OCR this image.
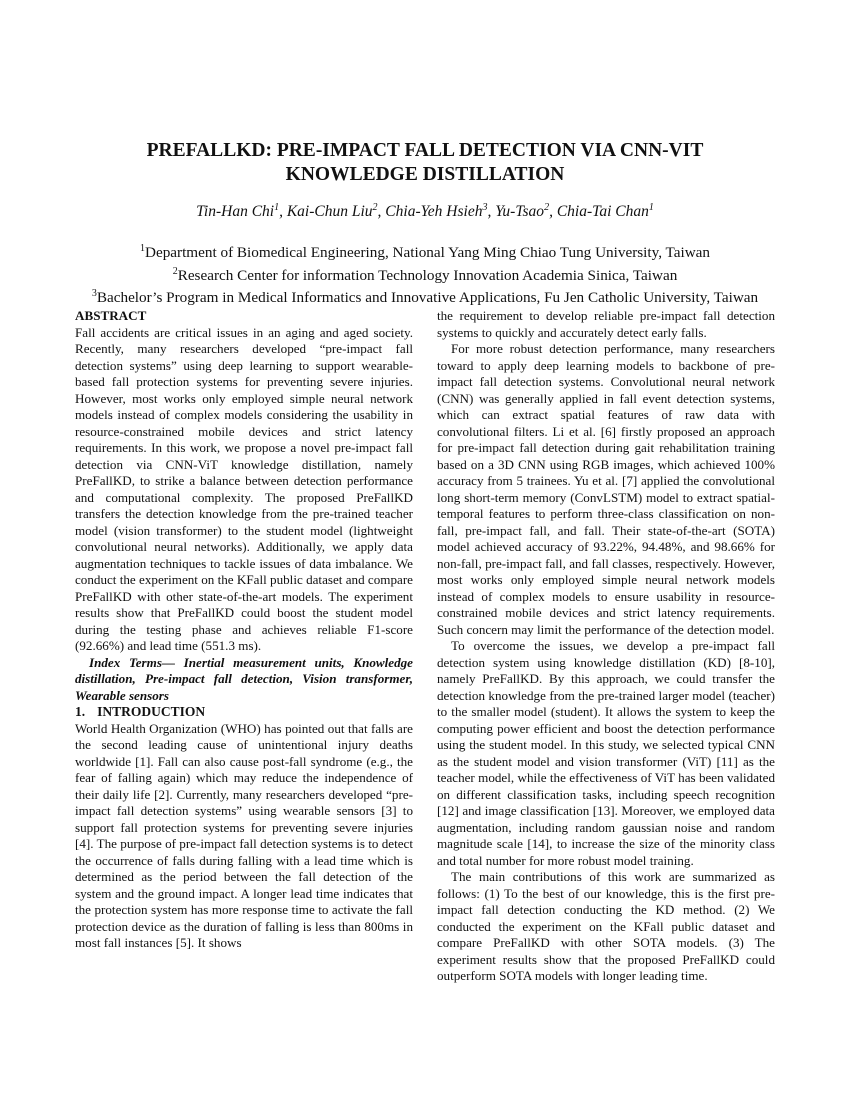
PREFALLKD: PRE-IMPACT FALL DETECTION VIA CNN-VIT
KNOWLEDGE DISTILLATION
Tin-Han Chi$^1$, Kai-Chun Liu$^2$, Chia-Yeh Hsieh$^3$, Yu-Tsao$^2$, Chia-Tai Chan$^1$
$^1$Department of Biomedical Engineering, National Yang Ming Chiao Tung University, Taiwan
$^2$Research Center for information Technology Innovation Academia Sinica, Taiwan
$^3$Bachelor’s Program in Medical Informatics and Innovative Applications, Fu Jen Catholic University, Taiwan

ABSTRACT

Fall accidents are critical issues in an aging and aged society. Recently, many researchers developed “pre-impact fall detection systems” using deep learning to support wearable-based fall protection systems for preventing severe injuries. However, most works only employed simple neural network models instead of complex models considering the usability in resource-constrained mobile devices and strict latency requirements. In this work, we propose a novel pre-impact fall detection via CNN-ViT knowledge distillation, namely PreFallKD, to strike a balance between detection performance and computational complexity. The proposed PreFallKD transfers the detection knowledge from the pre-trained teacher model (vision transformer) to the student model (lightweight convolutional neural networks). Additionally, we apply data augmentation techniques to tackle issues of data imbalance. We conduct the experiment on the KFall public dataset and compare PreFallKD with other state-of-the-art models. The experiment results show that PreFallKD could boost the student model during the testing phase and achieves reliable F1-score (92.66%) and lead time (551.3 ms).

Index Terms— Inertial measurement units, Knowledge distillation, Pre-impact fall detection, Vision transformer, Wearable sensors

1. INTRODUCTION

World Health Organization (WHO) has pointed out that falls are the second leading cause of unintentional injury deaths worldwide [1]. Fall can also cause post-fall syndrome (e.g., the fear of falling again) which may reduce the independence of their daily life [2]. Currently, many researchers developed “pre-impact fall detection systems” using wearable sensors [3] to support fall protection systems for preventing severe injuries [4]. The purpose of pre-impact fall detection systems is to detect the occurrence of falls during falling with a lead time which is determined as the period between the fall detection of the system and the ground impact. A longer lead time indicates that the protection system has more response time to activate the fall protection device as the duration of falling is less than 800ms in most fall instances [5]. It shows

the requirement to develop reliable pre-impact fall detection systems to quickly and accurately detect early falls.

For more robust detection performance, many researchers toward to apply deep learning models to backbone of pre-impact fall detection systems. Convolutional neural network (CNN) was generally applied in fall event detection systems, which can extract spatial features of raw data with convolutional filters. Li et al. [6] firstly proposed an approach for pre-impact fall detection during gait rehabilitation training based on a 3D CNN using RGB images, which achieved 100% accuracy from 5 trainees. Yu et al. [7] applied the convolutional long short-term memory (ConvLSTM) model to extract spatial-temporal features to perform three-class classification on non-fall, pre-impact fall, and fall. Their state-of-the-art (SOTA) model achieved accuracy of 93.22%, 94.48%, and 98.66% for non-fall, pre-impact fall, and fall classes, respectively. However, most works only employed simple neural network models instead of complex models to ensure usability in resource-constrained mobile devices and strict latency requirements. Such concern may limit the performance of the detection model.

To overcome the issues, we develop a pre-impact fall detection system using knowledge distillation (KD) [8-10], namely PreFallKD. By this approach, we could transfer the detection knowledge from the pre-trained larger model (teacher) to the smaller model (student). It allows the system to keep the computing power efficient and boost the detection performance using the student model. In this study, we selected typical CNN as the student model and vision transformer (ViT) [11] as the teacher model, while the effectiveness of ViT has been validated on different classification tasks, including speech recognition [12] and image classification [13]. Moreover, we employed data augmentation, including random gaussian noise and random magnitude scale [14], to increase the size of the minority class and total number for more robust model training.

The main contributions of this work are summarized as follows: (1) To the best of our knowledge, this is the first pre-impact fall detection conducting the KD method. (2) We conducted the experiment on the KFall public dataset and compare PreFallKD with other SOTA models. (3) The experiment results show that the proposed PreFallKD could outperform SOTA models with longer leading time.
